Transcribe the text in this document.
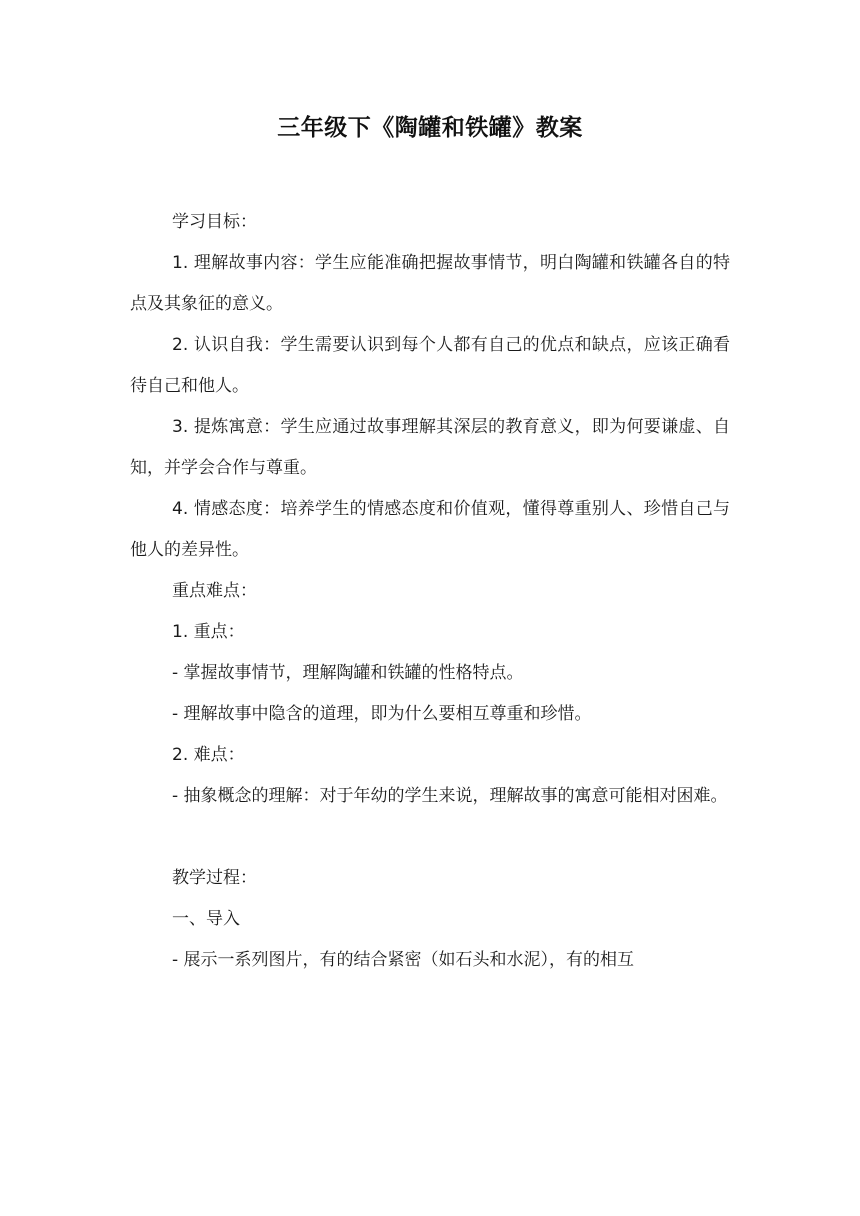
三年级下《陶罐和铁罐》教案

学习目标：

1. 理解故事内容：学生应能准确把握故事情节，明白陶罐和铁罐各自的特点及其象征的意义。

2. 认识自我：学生需要认识到每个人都有自己的优点和缺点，应该正确看待自己和他人。

3. 提炼寓意：学生应通过故事理解其深层的教育意义，即为何要谦虚、自知，并学会合作与尊重。

4. 情感态度：培养学生的情感态度和价值观，懂得尊重别人、珍惜自己与他人的差异性。

重点难点：

1. 重点：

- 掌握故事情节，理解陶罐和铁罐的性格特点。

- 理解故事中隐含的道理，即为什么要相互尊重和珍惜。

2. 难点：

- 抽象概念的理解：对于年幼的学生来说，理解故事的寓意可能相对困难。

教学过程：

一、导入

- 展示一系列图片，有的结合紧密（如石头和水泥），有的相互
